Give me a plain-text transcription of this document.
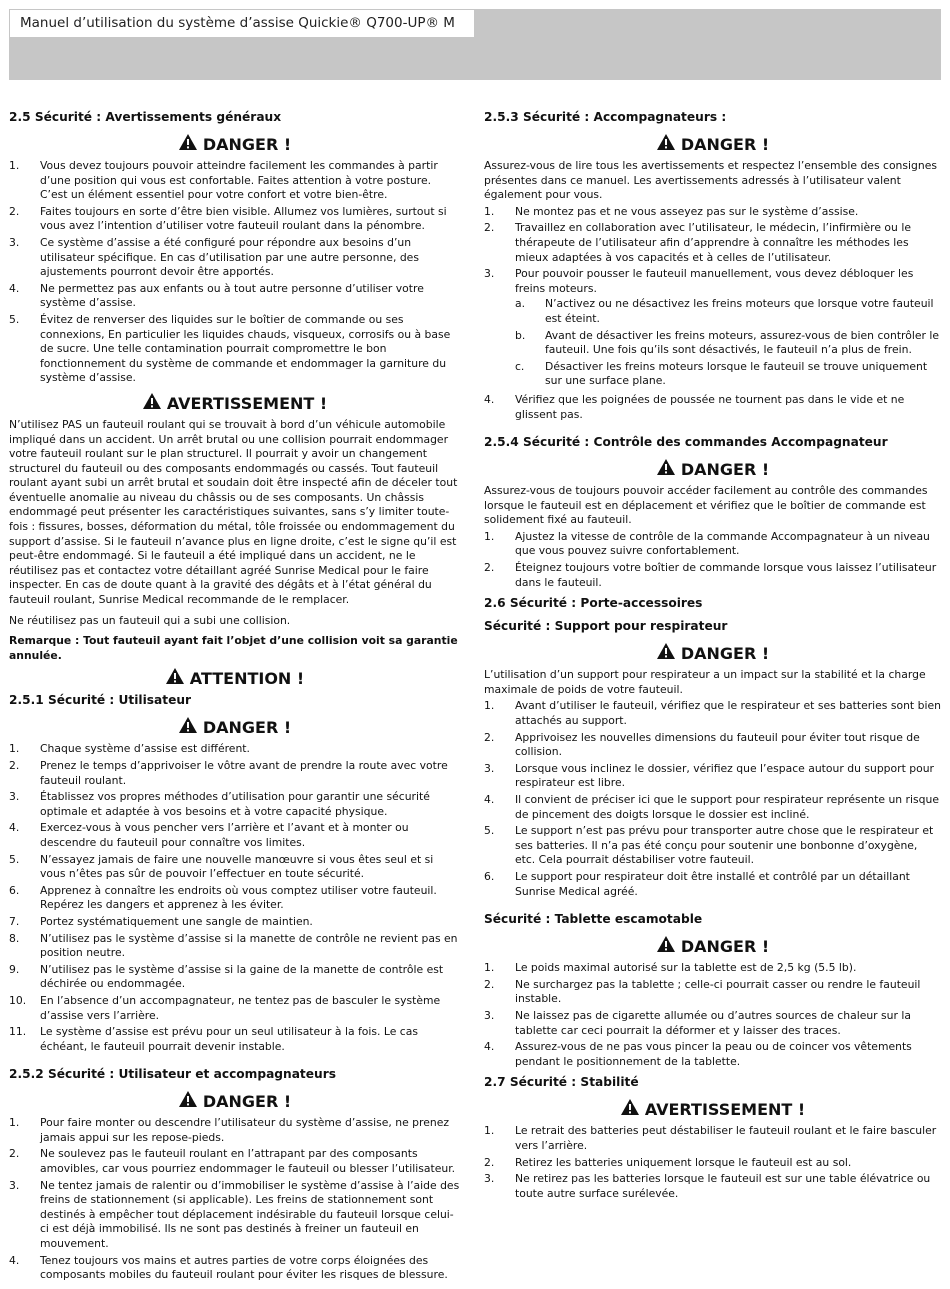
Manuel d’utilisation du système d’assise Quickie® Q700-UP® M
2.5 Sécurité : Avertissements généraux
DANGER !
1.	Vous devez toujours pouvoir atteindre facilement les commandes à partir d’une position qui vous est confortable. Faites attention à votre posture. C’est un élément essentiel pour votre confort et votre bien-être.
2.	Faites toujours en sorte d’être bien visible. Allumez vos lumières, surtout si vous avez l’intention d’utiliser votre fauteuil roulant dans la pénombre.
3.	Ce système d’assise a été configuré pour répondre aux besoins d’un utilisateur spécifique. En cas d’utilisation par une autre personne, des ajustements pourront devoir être apportés.
4.	Ne permettez pas aux enfants ou à tout autre personne d’utiliser votre système d’assise.
5.	Évitez de renverser des liquides sur le boîtier de commande ou ses connexions, En particulier les liquides chauds, visqueux, corrosifs ou à base de sucre. Une telle contamination pourrait compromettre le bon fonctionnement du système de commande et endommager la garniture du système d’assise.
AVERTISSEMENT !

N’utilisez PAS un fauteuil roulant qui se trouvait à bord d’un véhicule automobile impliqué dans un accident. Un arrêt brutal ou une collision pourrait endommager votre fauteuil roulant sur le plan structurel. Il pourrait y avoir un changement structurel du fauteuil ou des composants endommagés ou cassés. Tout fauteuil roulant ayant subi un arrêt brutal et soudain doit être inspecté afin de déceler tout éventuelle anomalie au niveau du châssis ou de ses composants. Un châssis endommagé peut présenter les caractéristiques suivantes, sans s’y limiter toute-fois : fissures, bosses, déformation du métal, tôle froissée ou endommagement du support d’assise. Si le fauteuil n’avance plus en ligne droite, c’est le signe qu’il est peut-être endommagé. Si le fauteuil a été impliqué dans un accident, ne le réutilisez pas et contactez votre détaillant agréé Sunrise Medical pour le faire inspecter. En cas de doute quant à la gravité des dégâts et à l’état général du fauteuil roulant, Sunrise Medical recommande de le remplacer.

Ne réutilisez pas un fauteuil qui a subi une collision.

Remarque : Tout fauteuil ayant fait l’objet d’une collision voit sa garantie annulée.

ATTENTION !
2.5.1 Sécurité : Utilisateur
DANGER !
1.	Chaque système d’assise est différent.
2.	Prenez le temps d’apprivoiser le vôtre avant de prendre la route avec votre fauteuil roulant.
3.	Établissez vos propres méthodes d’utilisation pour garantir une sécurité optimale et adaptée à vos besoins et à votre capacité physique.
4.	Exercez-vous à vous pencher vers l’arrière et l’avant et à monter ou descendre du fauteuil pour connaître vos limites.
5.	N’essayez jamais de faire une nouvelle manœuvre si vous êtes seul et si vous n’êtes pas sûr de pouvoir l’effectuer en toute sécurité.
6.	Apprenez à connaître les endroits où vous comptez utiliser votre fauteuil. Repérez les dangers et apprenez à les éviter.
7.	Portez systématiquement une sangle de maintien.
8.	N’utilisez pas le système d’assise si la manette de contrôle ne revient pas en position neutre.
9.	N’utilisez pas le système d’assise si la gaine de la manette de contrôle est déchirée ou endommagée.
10.	En l’absence d’un accompagnateur, ne tentez pas de basculer le système d’assise vers l’arrière.
11.	Le système d’assise est prévu pour un seul utilisateur à la fois. Le cas échéant, le fauteuil pourrait devenir instable.
2.5.2 Sécurité : Utilisateur et accompagnateurs
DANGER !
1.	Pour faire monter ou descendre l’utilisateur du système d’assise, ne prenez jamais appui sur les repose-pieds.
2.	Ne soulevez pas le fauteuil roulant en l’attrapant par des composants amovibles, car vous pourriez endommager le fauteuil ou blesser l’utilisateur.
3.	Ne tentez jamais de ralentir ou d’immobiliser le système d’assise à l’aide des freins de stationnement (si applicable). Les freins de stationnement sont destinés à empêcher tout déplacement indésirable du fauteuil lorsque celui-ci est déjà immobilisé. Ils ne sont pas destinés à freiner un fauteuil en mouvement.
4.	Tenez toujours vos mains et autres parties de votre corps éloignées des composants mobiles du fauteuil roulant pour éviter les risques de blessure.
2.5.3 Sécurité : Accompagnateurs :
DANGER !

Assurez-vous de lire tous les avertissements et respectez l’ensemble des consignes présentes dans ce manuel. Les avertissements adressés à l’utilisateur valent également pour vous.

1.	Ne montez pas et ne vous asseyez pas sur le système d’assise.
2.	Travaillez en collaboration avec l’utilisateur, le médecin, l’infirmière ou le thérapeute de l’utilisateur afin d’apprendre à connaître les méthodes les mieux adaptées à vos capacités et à celles de l’utilisateur.
3.	Pour pouvoir pousser le fauteuil manuellement, vous devez débloquer les freins moteurs.
a.	N’activez ou ne désactivez les freins moteurs que lorsque votre fauteuil est éteint.
b.	Avant de désactiver les freins moteurs, assurez-vous de bien contrôler le fauteuil. Une fois qu’ils sont désactivés, le fauteuil n’a plus de frein.
c.	Désactiver les freins moteurs lorsque le fauteuil se trouve uniquement sur une surface plane.
4.	Vérifiez que les poignées de poussée ne tournent pas dans le vide et ne glissent pas.
2.5.4 Sécurité : Contrôle des commandes Accompagnateur
DANGER !

Assurez-vous de toujours pouvoir accéder facilement au contrôle des commandes lorsque le fauteuil est en déplacement et vérifiez que le boîtier de commande est solidement fixé au fauteuil.

1.	Ajustez la vitesse de contrôle de la commande Accompagnateur à un niveau que vous pouvez suivre confortablement.
2.	Éteignez toujours votre boîtier de commande lorsque vous laissez l’utilisateur dans le fauteuil.
2.6 Sécurité : Porte-accessoires
Sécurité : Support pour respirateur
DANGER !

L’utilisation d’un support pour respirateur a un impact sur la stabilité et la charge maximale de poids de votre fauteuil.

1.	Avant d’utiliser le fauteuil, vérifiez que le respirateur et ses batteries sont bien attachés au support.
2.	Apprivoisez les nouvelles dimensions du fauteuil pour éviter tout risque de collision.
3.	Lorsque vous inclinez le dossier, vérifiez que l’espace autour du support pour respirateur est libre.
4.	Il convient de préciser ici que le support pour respirateur représente un risque de pincement des doigts lorsque le dossier est incliné.
5.	Le support n’est pas prévu pour transporter autre chose que le respirateur et ses batteries. Il n’a pas été conçu pour soutenir une bonbonne d’oxygène, etc. Cela pourrait déstabiliser votre fauteuil.
6.	Le support pour respirateur doit être installé et contrôlé par un détaillant Sunrise Medical agréé.
Sécurité : Tablette escamotable
DANGER !
1.	Le poids maximal autorisé sur la tablette est de 2,5 kg (5.5 lb).
2.	Ne surchargez pas la tablette ; celle-ci pourrait casser ou rendre le fauteuil instable.
3.	Ne laissez pas de cigarette allumée ou d’autres sources de chaleur sur la tablette car ceci pourrait la déformer et y laisser des traces.
4.	Assurez-vous de ne pas vous pincer la peau ou de coincer vos vêtements pendant le positionnement de la tablette.
2.7 Sécurité : Stabilité
AVERTISSEMENT !
1.	Le retrait des batteries peut déstabiliser le fauteuil roulant et le faire basculer vers l’arrière.
2.	Retirez les batteries uniquement lorsque le fauteuil est au sol.
3.	Ne retirez pas les batteries lorsque le fauteuil est sur une table élévatrice ou toute autre surface surélevée.
